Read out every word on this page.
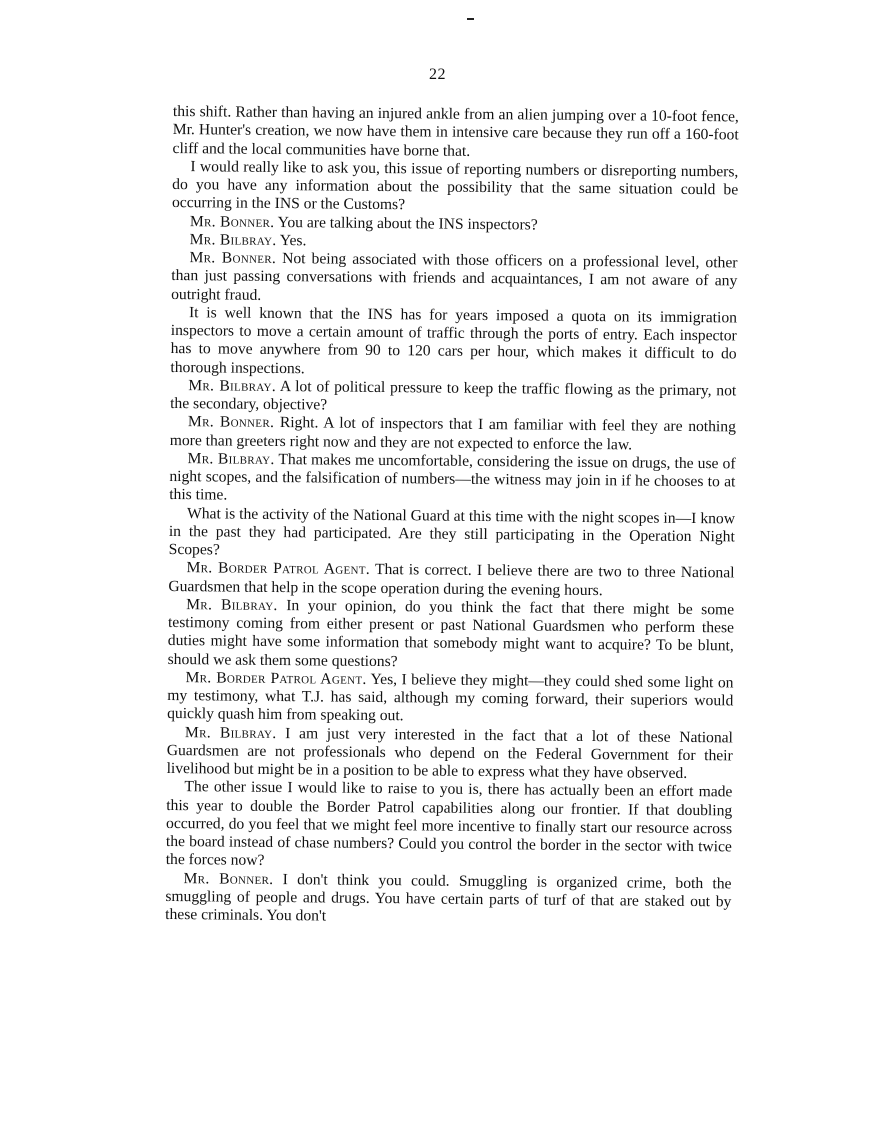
22

this shift. Rather than having an injured ankle from an alien jumping over a 10-foot fence, Mr. Hunter's creation, we now have them in intensive care because they run off a 160-foot cliff and the local communities have borne that.

I would really like to ask you, this issue of reporting numbers or disreporting numbers, do you have any information about the possibility that the same situation could be occurring in the INS or the Customs?

Mr. Bonner. You are talking about the INS inspectors?

Mr. Bilbray. Yes.

Mr. Bonner. Not being associated with those officers on a professional level, other than just passing conversations with friends and acquaintances, I am not aware of any outright fraud.

It is well known that the INS has for years imposed a quota on its immigration inspectors to move a certain amount of traffic through the ports of entry. Each inspector has to move anywhere from 90 to 120 cars per hour, which makes it difficult to do thorough inspections.

Mr. Bilbray. A lot of political pressure to keep the traffic flowing as the primary, not the secondary, objective?

Mr. Bonner. Right. A lot of inspectors that I am familiar with feel they are nothing more than greeters right now and they are not expected to enforce the law.

Mr. Bilbray. That makes me uncomfortable, considering the issue on drugs, the use of night scopes, and the falsification of numbers—the witness may join in if he chooses to at this time.

What is the activity of the National Guard at this time with the night scopes in—I know in the past they had participated. Are they still participating in the Operation Night Scopes?

Mr. Border Patrol Agent. That is correct. I believe there are two to three National Guardsmen that help in the scope operation during the evening hours.

Mr. Bilbray. In your opinion, do you think the fact that there might be some testimony coming from either present or past National Guardsmen who perform these duties might have some information that somebody might want to acquire? To be blunt, should we ask them some questions?

Mr. Border Patrol Agent. Yes, I believe they might—they could shed some light on my testimony, what T.J. has said, although my coming forward, their superiors would quickly quash him from speaking out.

Mr. Bilbray. I am just very interested in the fact that a lot of these National Guardsmen are not professionals who depend on the Federal Government for their livelihood but might be in a position to be able to express what they have observed.

The other issue I would like to raise to you is, there has actually been an effort made this year to double the Border Patrol capabilities along our frontier. If that doubling occurred, do you feel that we might feel more incentive to finally start our resource across the board instead of chase numbers? Could you control the border in the sector with twice the forces now?

Mr. Bonner. I don't think you could. Smuggling is organized crime, both the smuggling of people and drugs. You have certain parts of turf of that are staked out by these criminals. You don't
